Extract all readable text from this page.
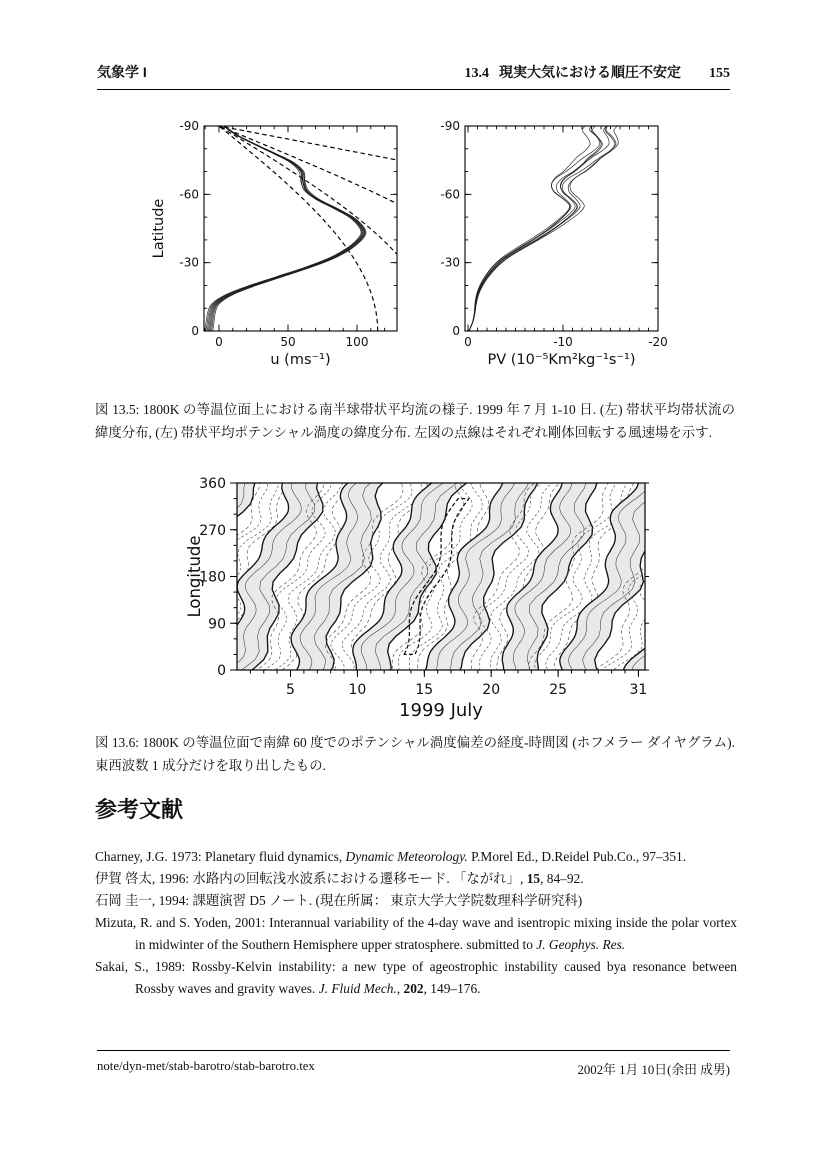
気象学 I	13.4 現実大気における順圧不安定 155
0	50	100
-90
-60
-30
0
u (ms⁻¹)
Latitude
0	-10	-20
-90
-60
-30
0
PV (10⁻⁵Km²kg⁻¹s⁻¹)

図 13.5: 1800K の等温位面上における南半球帯状平均流の様子. 1999 年 7 月 1-10 日. (左) 帯状平均帯状流の緯度分布, (左) 帯状平均ポテンシャル渦度の緯度分布. 左図の点線はそれぞれ剛体回転する風速場を示す.

5	10	15	20	25	31
0
90
180
270
360
1999 July
Longitude

図 13.6: 1800K の等温位面で南緯 60 度でのポテンシャル渦度偏差の経度-時間図 (ホフメラー ダイヤグラム). 東西波数 1 成分だけを取り出したもの.

参考文献

Charney, J.G. 1973: Planetary fluid dynamics, Dynamic Meteorology. P.Morel Ed., D.Reidel Pub.Co., 97–351.

伊賀 啓太, 1996: 水路内の回転浅水波系における遷移モード. 「ながれ」, 15, 84–92.

石岡 圭一, 1994: 課題演習 D5 ノート. (現在所属： 東京大学大学院数理科学研究科)

Mizuta, R. and S. Yoden, 2001: Interannual variability of the 4-day wave and isentropic mixing inside the polar vortex in midwinter of the Southern Hemisphere upper stratosphere. submitted to J. Geophys. Res.

Sakai, S., 1989: Rossby-Kelvin instability: a new type of ageostrophic instability caused bya resonance between Rossby waves and gravity waves. J. Fluid Mech., 202, 149–176.

note/dyn-met/stab-barotro/stab-barotro.tex	2002年 1月 10日(余田 成男)
